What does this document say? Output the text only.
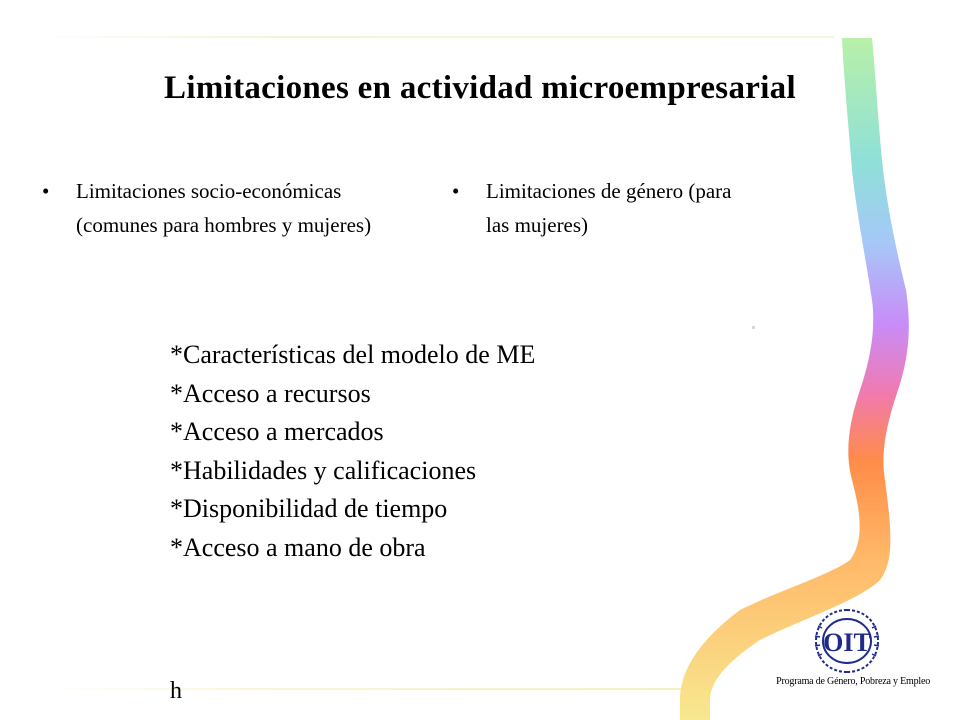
Limitaciones en actividad microempresarial
• Limitaciones socio-económicas (comunes para hombres y mujeres)
• Limitaciones de género (para las mujeres)
*Características del modelo de ME
*Acceso a recursos
*Acceso a mercados
*Habilidades y calificaciones
*Disponibilidad de tiempo
*Acceso a mano de obra
h
OIT
Programa de Género, Pobreza y Empleo
